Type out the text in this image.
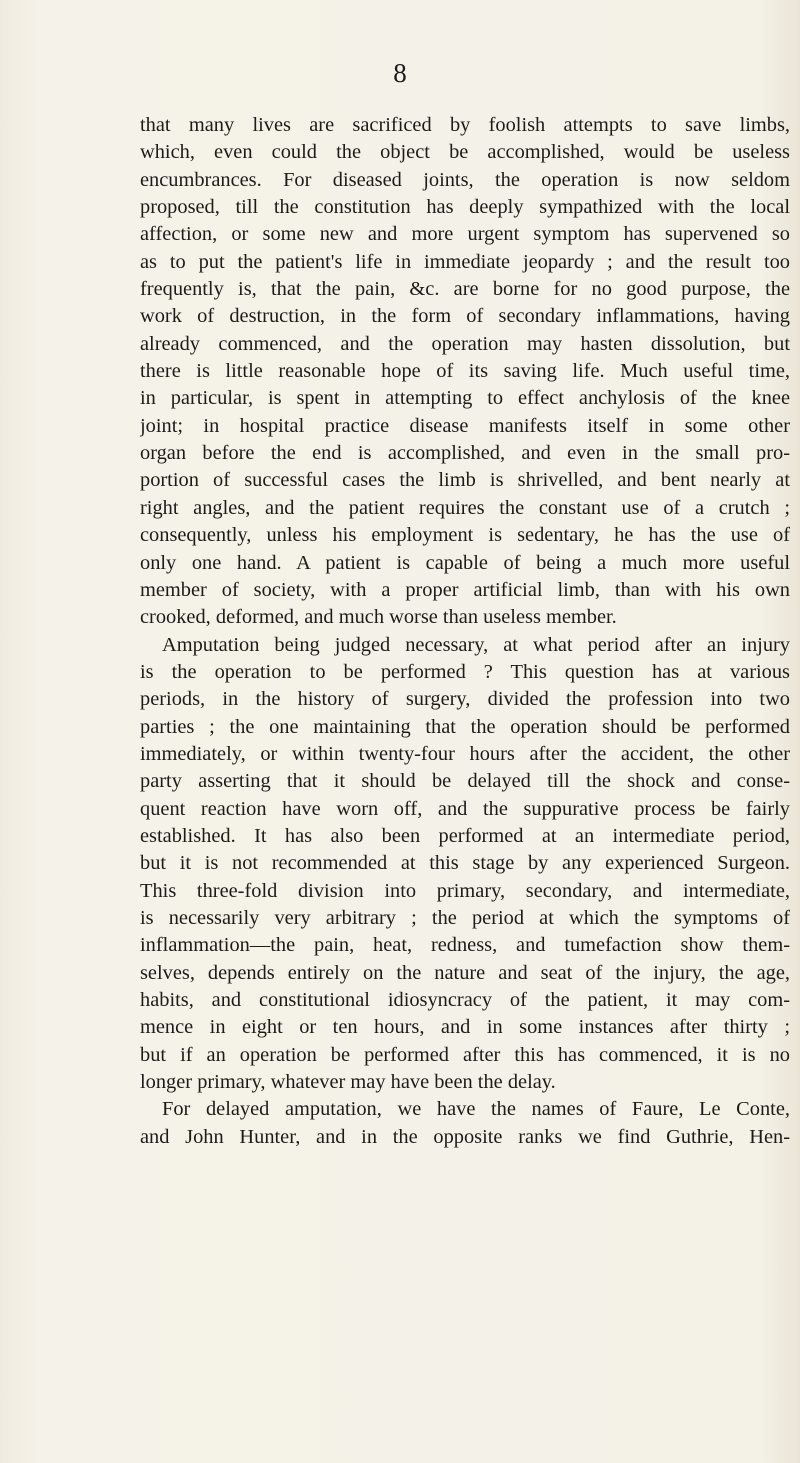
8

that many lives are sacrificed by foolish attempts to save limbs,
which, even could the object be accomplished, would be useless
encumbrances. For diseased joints, the operation is now seldom
proposed, till the constitution has deeply sympathized with the local
affection, or some new and more urgent symptom has supervened so
as to put the patient's life in immediate jeopardy ; and the result too
frequently is, that the pain, &c. are borne for no good purpose, the
work of destruction, in the form of secondary inflammations, having
already commenced, and the operation may hasten dissolution, but
there is little reasonable hope of its saving life. Much useful time,
in particular, is spent in attempting to effect anchylosis of the knee
joint; in hospital practice disease manifests itself in some other
organ before the end is accomplished, and even in the small pro-
portion of successful cases the limb is shrivelled, and bent nearly at
right angles, and the patient requires the constant use of a crutch ;
consequently, unless his employment is sedentary, he has the use of
only one hand. A patient is capable of being a much more useful
member of society, with a proper artificial limb, than with his own
crooked, deformed, and much worse than useless member.

Amputation being judged necessary, at what period after an injury
is the operation to be performed ? This question has at various
periods, in the history of surgery, divided the profession into two
parties ; the one maintaining that the operation should be performed
immediately, or within twenty-four hours after the accident, the other
party asserting that it should be delayed till the shock and conse-
quent reaction have worn off, and the suppurative process be fairly
established. It has also been performed at an intermediate period,
but it is not recommended at this stage by any experienced Surgeon.
This three-fold division into primary, secondary, and intermediate,
is necessarily very arbitrary ; the period at which the symptoms of
inflammation—the pain, heat, redness, and tumefaction show them-
selves, depends entirely on the nature and seat of the injury, the age,
habits, and constitutional idiosyncracy of the patient, it may com-
mence in eight or ten hours, and in some instances after thirty ;
but if an operation be performed after this has commenced, it is no
longer primary, whatever may have been the delay.

For delayed amputation, we have the names of Faure, Le Conte,
and John Hunter, and in the opposite ranks we find Guthrie, Hen-
